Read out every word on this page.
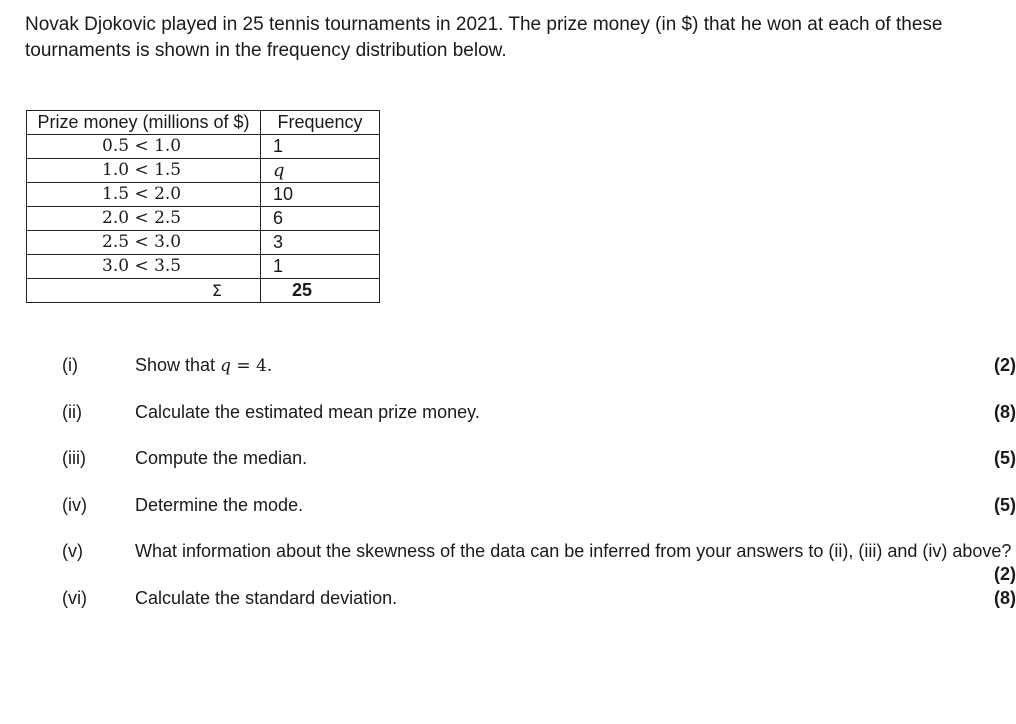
Novak Djokovic played in 25 tennis tournaments in 2021. The prize money (in $) that he won at each of these tournaments is shown in the frequency distribution below.

Prize money (millions of $)	Frequency
0.5 < 1.0	1
1.0 < 1.5	q
1.5 < 2.0	10
2.0 < 2.5	6
2.5 < 3.0	3
3.0 < 3.5	1
Σ	25
(i)	Show that q = 4.	(2)
(ii)	Calculate the estimated mean prize money.	(8)
(iii)	Compute the median.	(5)
(iv)	Determine the mode.	(5)
(v)	What information about the skewness of the data can be inferred from your answers to (ii), (iii) and (iv) above?
(2)
(vi)	Calculate the standard deviation.	(8)
